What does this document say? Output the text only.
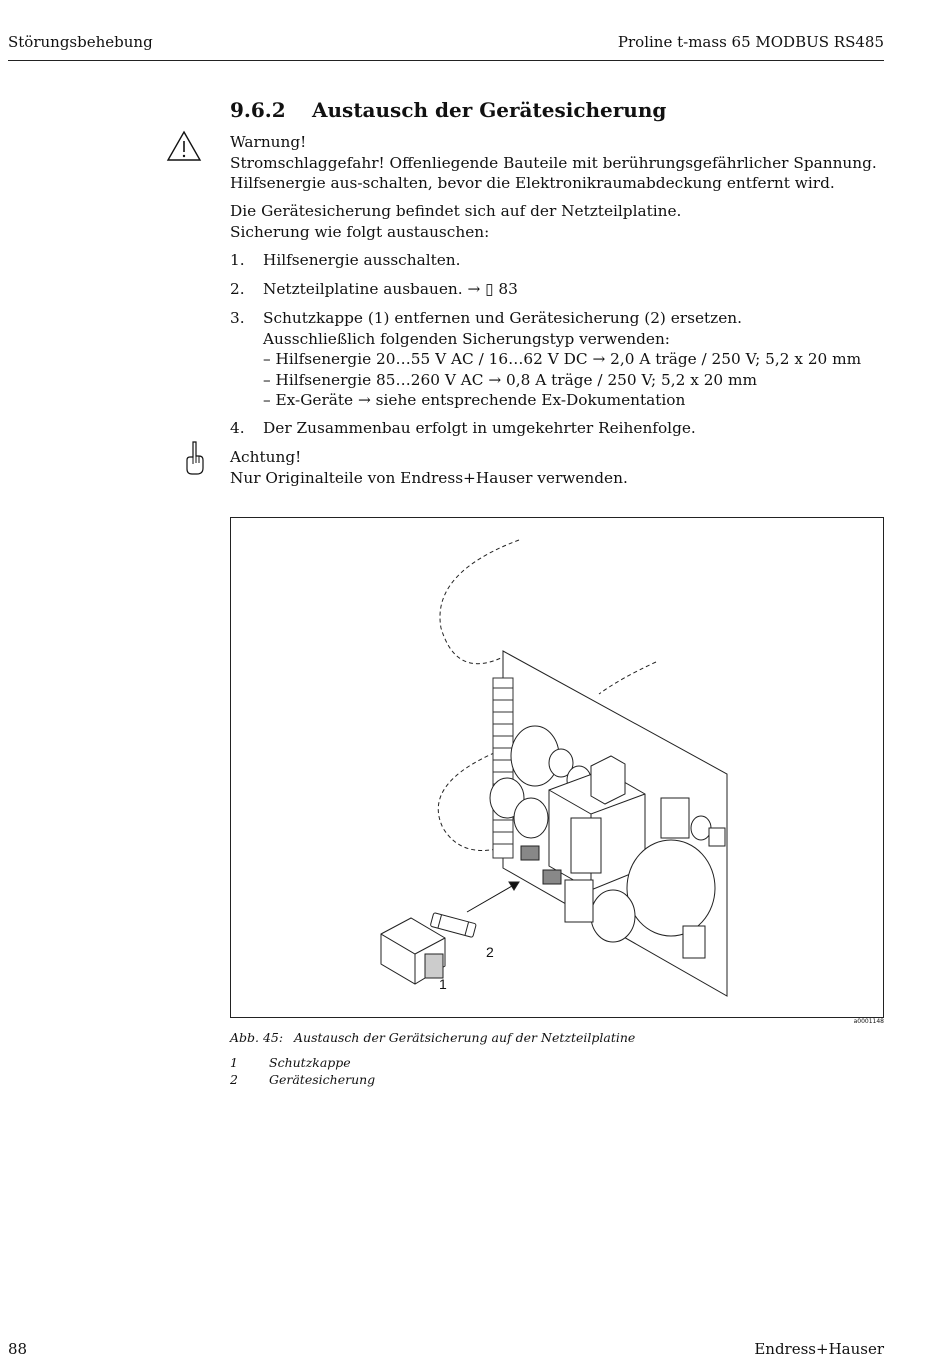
Störungsbehebung	Proline t-mass 65 MODBUS RS485
9.6.2 Austausch der Gerätesicherung
Warnung!
Stromschlaggefahr! Offenliegende Bauteile mit berührungsgefährlicher Spannung. Hilfsenergie aus-schalten, bevor die Elektronikraumabdeckung entfernt wird.
Die Gerätesicherung befindet sich auf der Netzteilplatine.
Sicherung wie folgt austauschen:
1. Hilfsenergie ausschalten.
2. Netzteilplatine ausbauen. → ▯ 83
3. Schutzkappe (1) entfernen und Gerätesicherung (2) ersetzen.
Ausschließlich folgenden Sicherungstyp verwenden:
– Hilfsenergie 20…55 V AC / 16…62 V DC → 2,0 A träge / 250 V; 5,2 x 20 mm
– Hilfsenergie 85…260 V AC → 0,8 A träge / 250 V; 5,2 x 20 mm
– Ex-Geräte → siehe entsprechende Ex-Dokumentation
4. Der Zusammenbau erfolgt in umgekehrter Reihenfolge.
Achtung!
Nur Originalteile von Endress+Hauser verwenden.
1
2
a0001148
Abb. 45: Austausch der Gerätsicherung auf der Netzteilplatine
1 Schutzkappe
2 Gerätesicherung
88	Endress+Hauser
